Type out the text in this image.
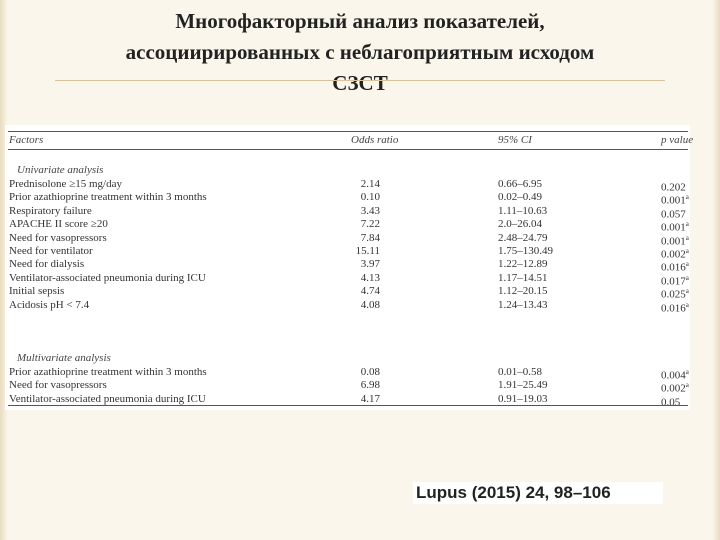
Многофакторный анализ показателей,
ассоциирированных с неблагоприятным исходом
СЗСТ
Factors	Odds ratio	95% CI	p value
Univariate analysis
Prednisolone ≥15 mg/day	2.14	0.66–6.95	0.202
Prior azathioprine treatment within 3 months	0.10	0.02–0.49	0.001$^a$
Respiratory failure	3.43	1.11–10.63	0.057
APACHE II score ≥20	7.22	2.0–26.04	0.001$^a$
Need for vasopressors	7.84	2.48–24.79	0.001$^a$
Need for ventilator	15.11	1.75–130.49	0.002$^a$
Need for dialysis	3.97	1.22–12.89	0.016$^a$
Ventilator-associated pneumonia during ICU	4.13	1.17–14.51	0.017$^a$
Initial sepsis	4.74	1.12–20.15	0.025$^a$
Acidosis pH < 7.4	4.08	1.24–13.43	0.016$^a$
Multivariate analysis
Prior azathioprine treatment within 3 months	0.08	0.01–0.58	0.004$^a$
Need for vasopressors	6.98	1.91–25.49	0.002$^a$
Ventilator-associated pneumonia during ICU	4.17	0.91–19.03	0.05
Lupus (2015) 24, 98–106
